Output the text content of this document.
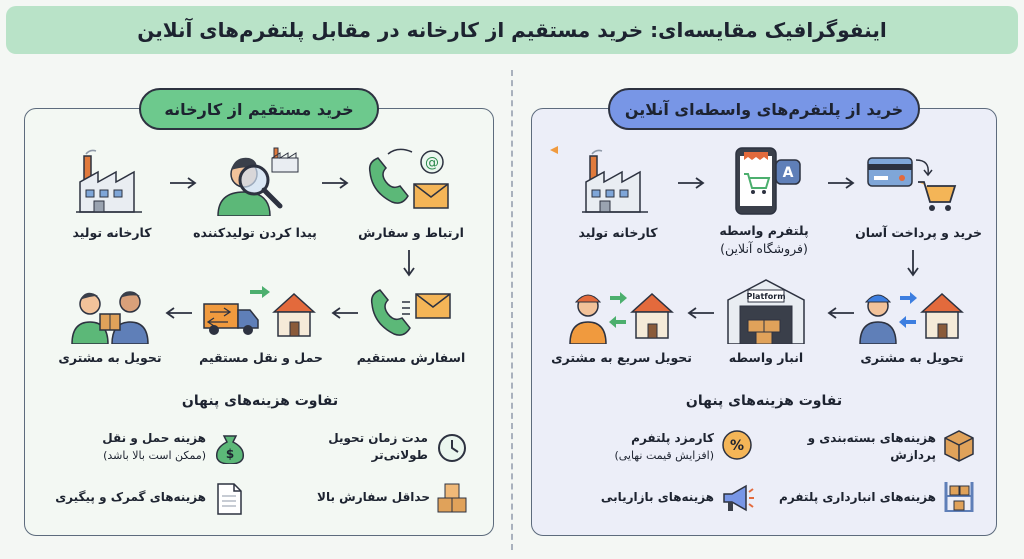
اینفوگرافیک مقایسه‌ای: خرید مستقیم از کارخانه در مقابل پلتفرم‌های آنلاین
خرید مستقیم از کارخانه	خرید از پلتفرم‌های واسطه‌ای آنلاین
کارخانه تولید	پیدا کردن تولیدکننده
@
ارتباط و سفارش
اسفارش مستقیم
حمل و نقل مستقیم
تحویل به مشتری
تفاوت هزینه‌های پنهان
مدت زمان تحویل
طولانی‌تر
هزینه حمل و نقل
(ممکن است بالا باشد) $
حداقل سفارش بالا
هزینه‌های گمرک و پیگیری
کارخانه تولید
A
پلتفرم واسطه
(فروشگاه آنلاین)
خرید و پرداخت آسان
تحویل به مشتری
Platform
انبار واسطه
تحویل سریع به مشتری
تفاوت هزینه‌های پنهان
هزینه‌های بسته‌بندی و
پردازش
کارمزد پلتفرم
(افزایش قیمت نهایی)
%
هزینه‌های انبارداری پلتفرم
هزینه‌های بازاریابی
